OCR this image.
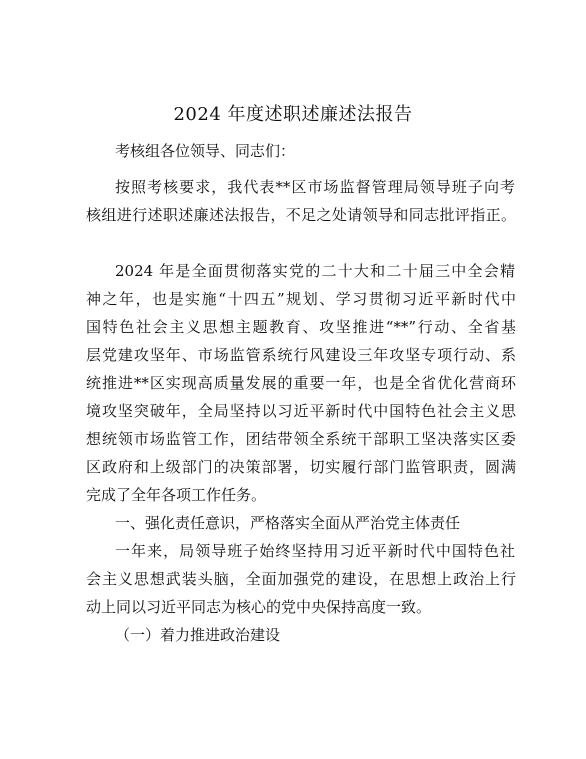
2024 年度述职述廉述法报告
考核组各位领导、同志们：
按照考核要求，我代表**区市场监督管理局领导班子向考
核组进行述职述廉述法报告，不足之处请领导和同志批评指正。
2024 年是全面贯彻落实党的二十大和二十届三中全会精
神之年，也是实施“十四五”规划、学习贯彻习近平新时代中
国特色社会主义思想主题教育、攻坚推进“**”行动、全省基
层党建攻坚年、市场监管系统行风建设三年攻坚专项行动、系
统推进**区实现高质量发展的重要一年，也是全省优化营商环
境攻坚突破年，全局坚持以习近平新时代中国特色社会主义思
想统领市场监管工作，团结带领全系统干部职工坚决落实区委
区政府和上级部门的决策部署，切实履行部门监管职责，圆满
完成了全年各项工作任务。
一、强化责任意识，严格落实全面从严治党主体责任
一年来，局领导班子始终坚持用习近平新时代中国特色社
会主义思想武装头脑，全面加强党的建设，在思想上政治上行
动上同以习近平同志为核心的党中央保持高度一致。
（一）着力推进政治建设
